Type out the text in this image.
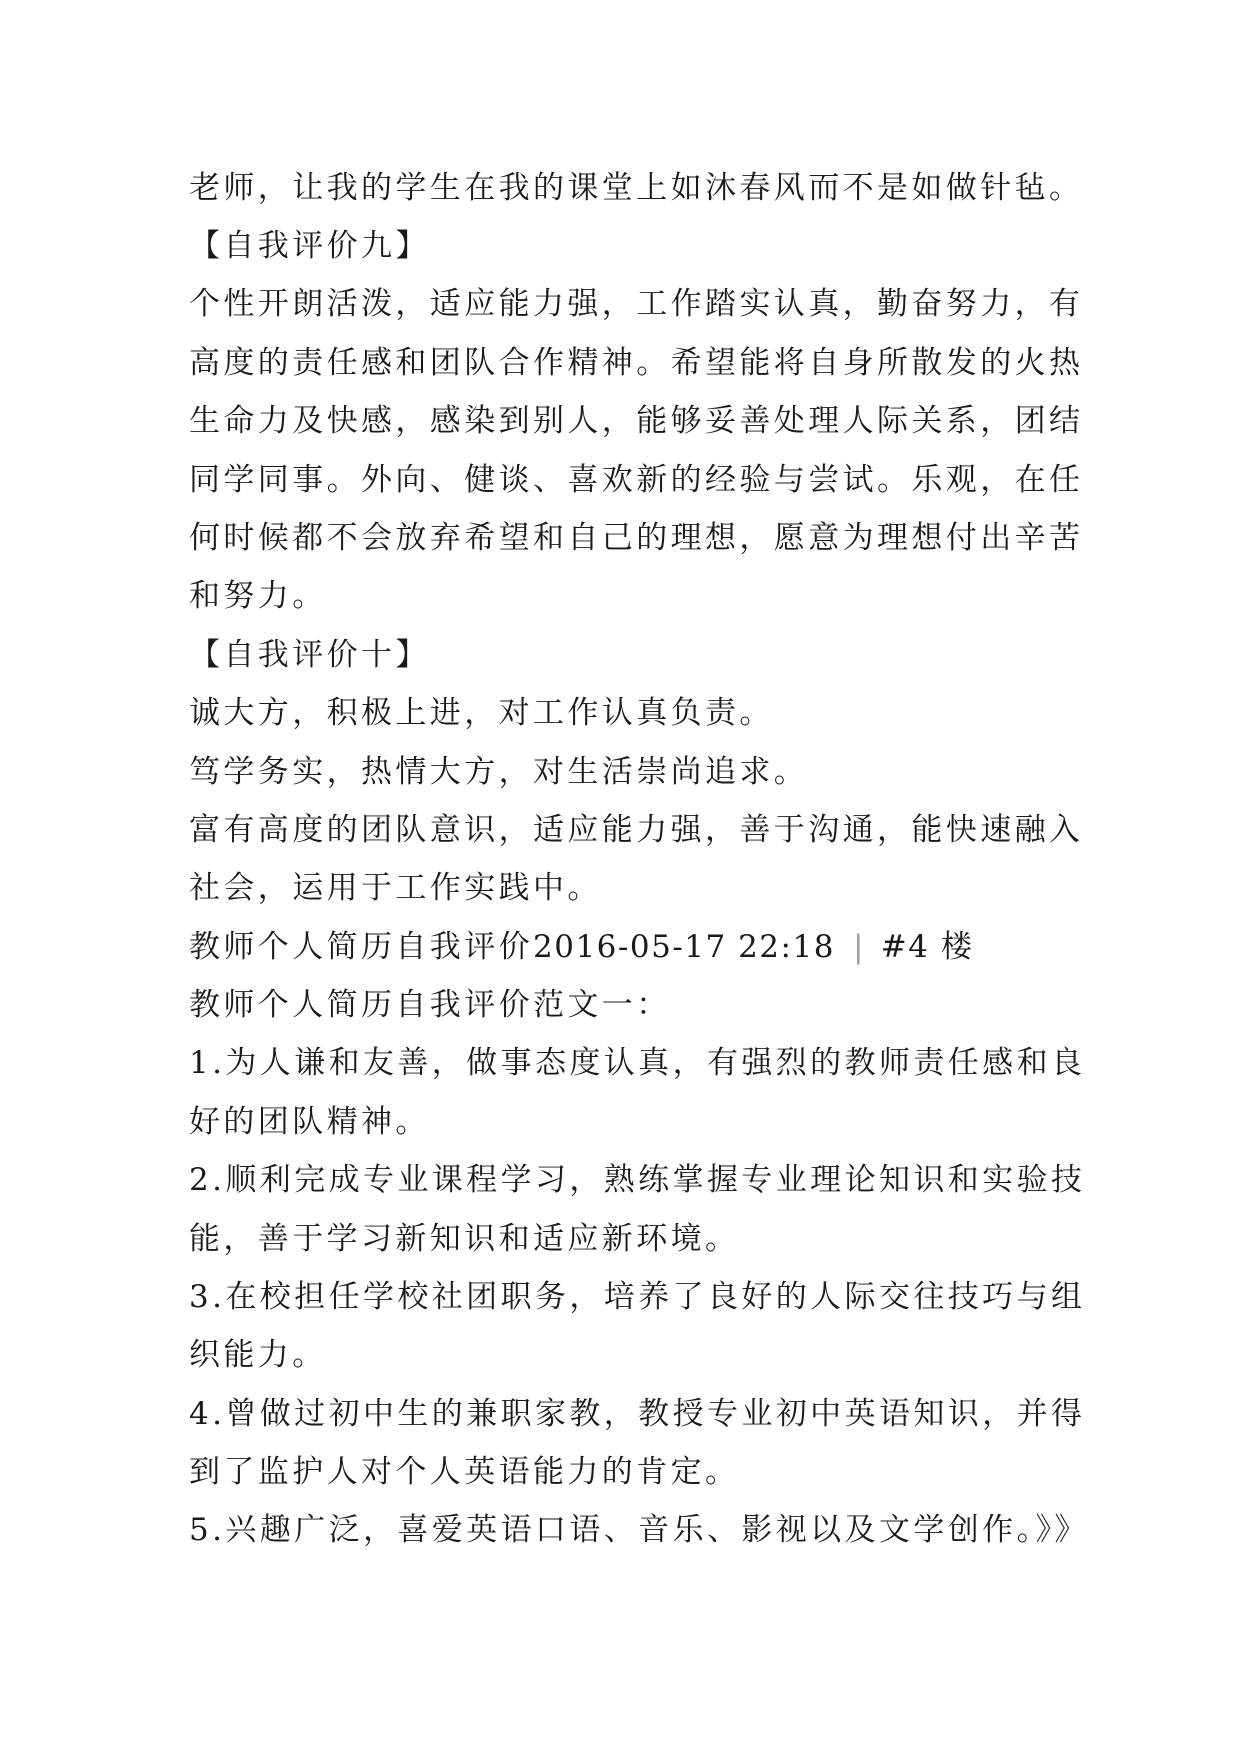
老师，让我的学生在我的课堂上如沐春风而不是如做针毡。
【自我评价九】
个性开朗活泼，适应能力强，工作踏实认真，勤奋努力，有
高度的责任感和团队合作精神。希望能将自身所散发的火热
生命力及快感，感染到别人，能够妥善处理人际关系，团结
同学同事。外向、健谈、喜欢新的经验与尝试。乐观，在任
何时候都不会放弃希望和自己的理想，愿意为理想付出辛苦
和努力。
【自我评价十】
诚大方，积极上进，对工作认真负责。
笃学务实，热情大方，对生活崇尚追求。
富有高度的团队意识，适应能力强，善于沟通，能快速融入
社会，运用于工作实践中。
教师个人简历自我评价2016-05-17 22:18 | #4 楼
教师个人简历自我评价范文一：
1.为人谦和友善，做事态度认真，有强烈的教师责任感和良
好的团队精神。
2.顺利完成专业课程学习，熟练掌握专业理论知识和实验技
能，善于学习新知识和适应新环境。
3.在校担任学校社团职务，培养了良好的人际交往技巧与组
织能力。
4.曾做过初中生的兼职家教，教授专业初中英语知识，并得
到了监护人对个人英语能力的肯定。
5.兴趣广泛，喜爱英语口语、音乐、影视以及文学创作。》》
